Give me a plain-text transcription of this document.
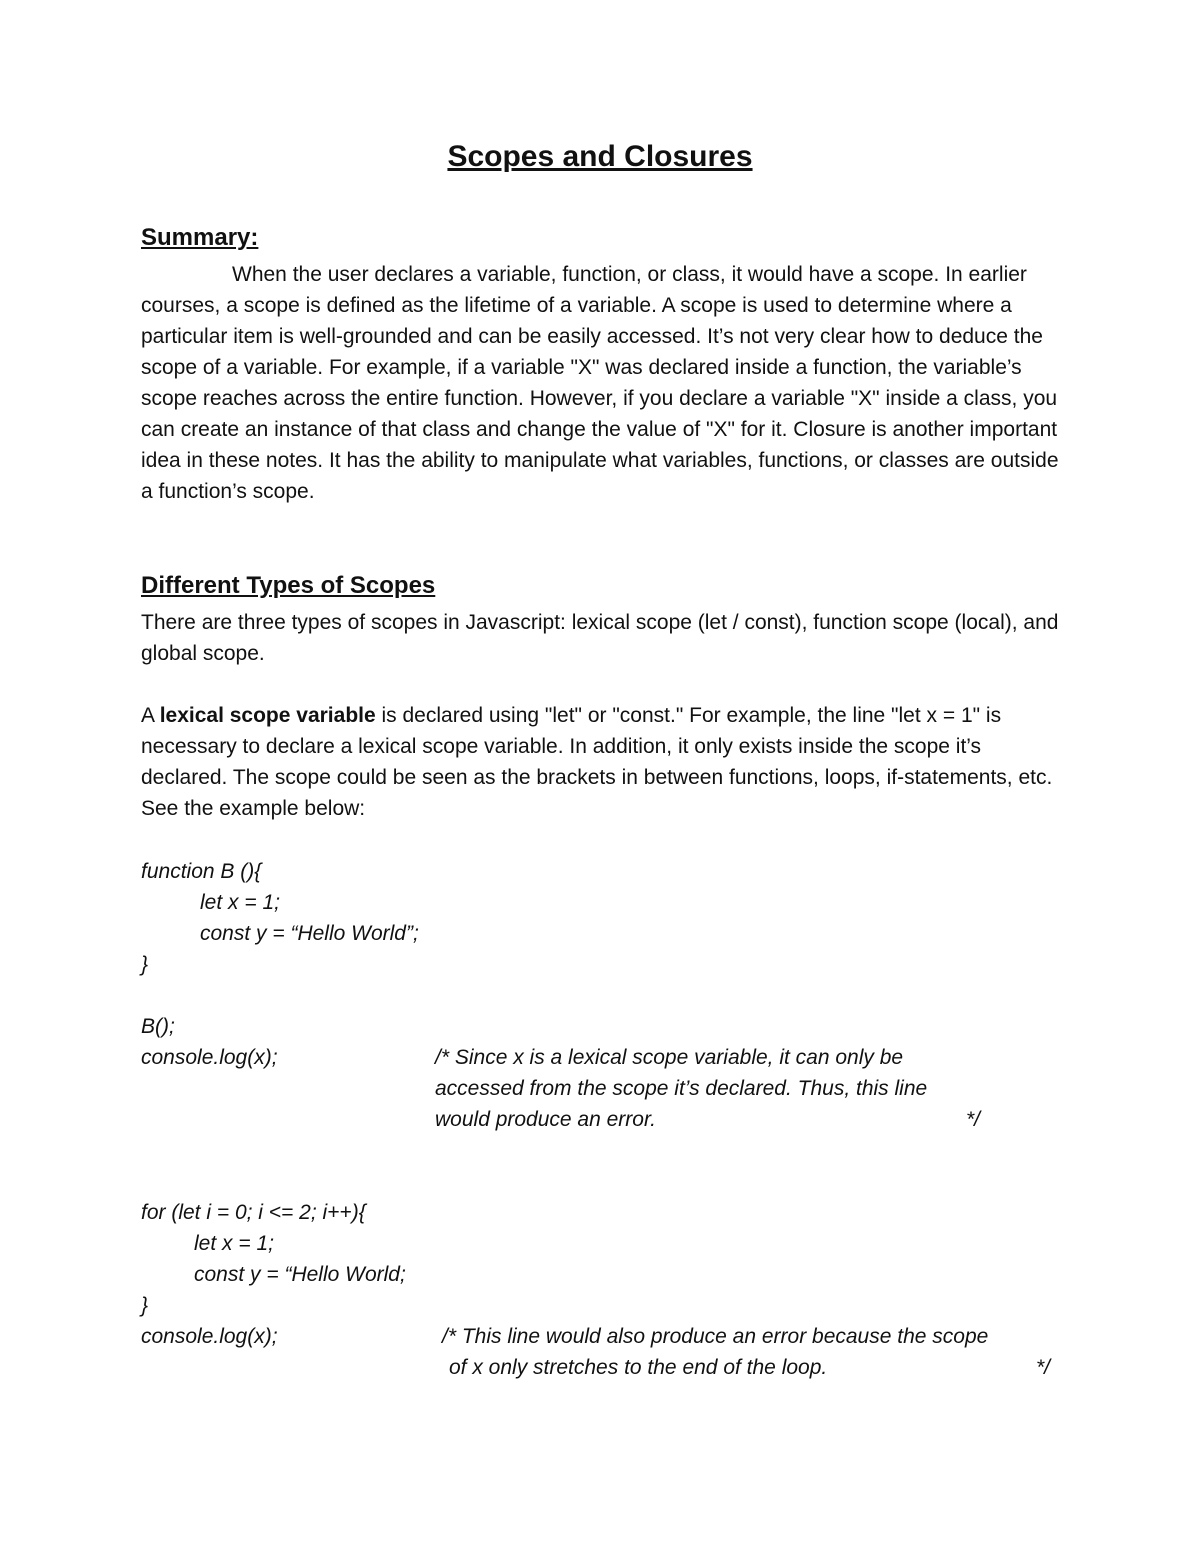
Scopes and Closures
Summary:

When the user declares a variable, function, or class, it would have a scope. In earlier courses, a scope is defined as the lifetime of a variable. A scope is used to determine where a particular item is well-grounded and can be easily accessed. It’s not very clear how to deduce the scope of a variable. For example, if a variable "X" was declared inside a function, the variable’s scope reaches across the entire function. However, if you declare a variable "X" inside a class, you can create an instance of that class and change the value of "X" for it. Closure is another important idea in these notes. It has the ability to manipulate what variables, functions, or classes are outside a function’s scope.

Different Types of Scopes

There are three types of scopes in Javascript: lexical scope (let / const), function scope (local), and global scope.

A lexical scope variable is declared using "let" or "const." For example, the line "let x = 1" is necessary to declare a lexical scope variable. In addition, it only exists inside the scope it’s declared. The scope could be seen as the brackets in between functions, loops, if-statements, etc. See the example below:

function B (){

let x = 1;

const y = “Hello World”;

}

B();

console.log(x);	/* Since x is a lexical scope variable, it can only be

accessed from the scope it’s declared. Thus, this line

would produce an error.	*/

for (let i = 0; i <= 2; i++){

let x = 1;

const y = “Hello World;

}

console.log(x);	/* This line would also produce an error because the scope

of x only stretches to the end of the loop.	*/
